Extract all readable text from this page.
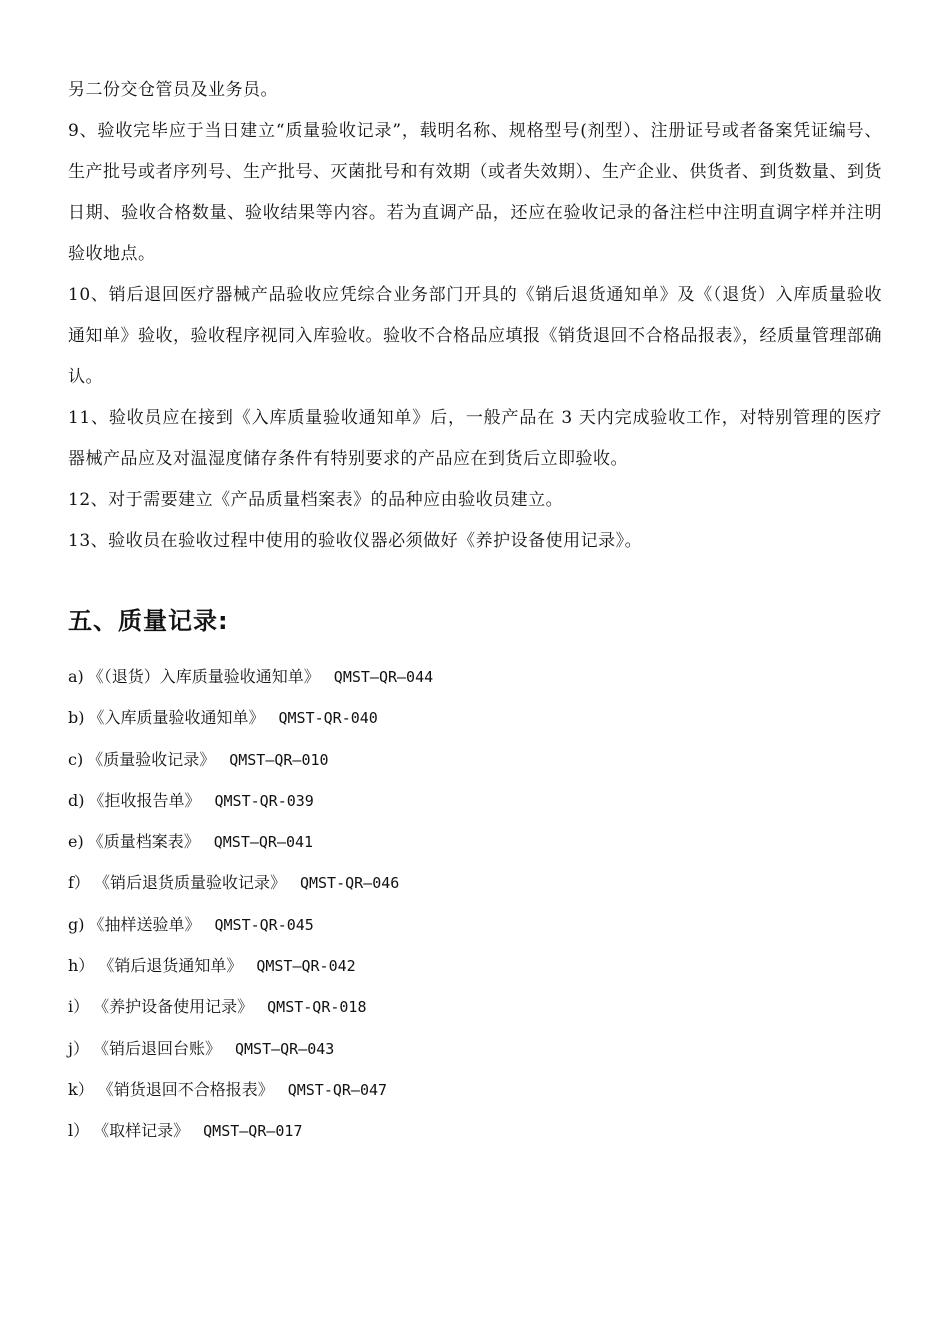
另二份交仓管员及业务员。

9、验收完毕应于当日建立“质量验收记录”，载明名称、规格型号(剂型）、注册证号或者备案凭证编号、生产批号或者序列号、生产批号、灭菌批号和有效期（或者失效期）、生产企业、供货者、到货数量、到货日期、验收合格数量、验收结果等内容。若为直调产品，还应在验收记录的备注栏中注明直调字样并注明验收地点。

10、销后退回医疗器械产品验收应凭综合业务部门开具的《销后退货通知单》及《（退货）入库质量验收通知单》验收，验收程序视同入库验收。验收不合格品应填报《销货退回不合格品报表》，经质量管理部确认。

11、验收员应在接到《入库质量验收通知单》后，一般产品在 3 天内完成验收工作，对特别管理的医疗器械产品应及对温湿度储存条件有特别要求的产品应在到货后立即验收。

12、对于需要建立《产品质量档案表》的品种应由验收员建立。

13、验收员在验收过程中使用的验收仪器必须做好《养护设备使用记录》。

五、质量记录:
a) 《（退货）入库质量验收通知单》 QMST—QR—044
b) 《入库质量验收通知单》 QMST-QR-040
c) 《质量验收记录》 QMST—QR—010
d) 《拒收报告单》 QMST-QR-039
e) 《质量档案表》 QMST—QR—041
f） 《销后退货质量验收记录》 QMST-QR—046
g) 《抽样送验单》 QMST-QR-045
h） 《销后退货通知单》 QMST—QR-042
i） 《养护设备使用记录》 QMST-QR-018
j） 《销后退回台账》 QMST—QR—043
k） 《销货退回不合格报表》 QMST-QR—047
l） 《取样记录》 QMST—QR—017
